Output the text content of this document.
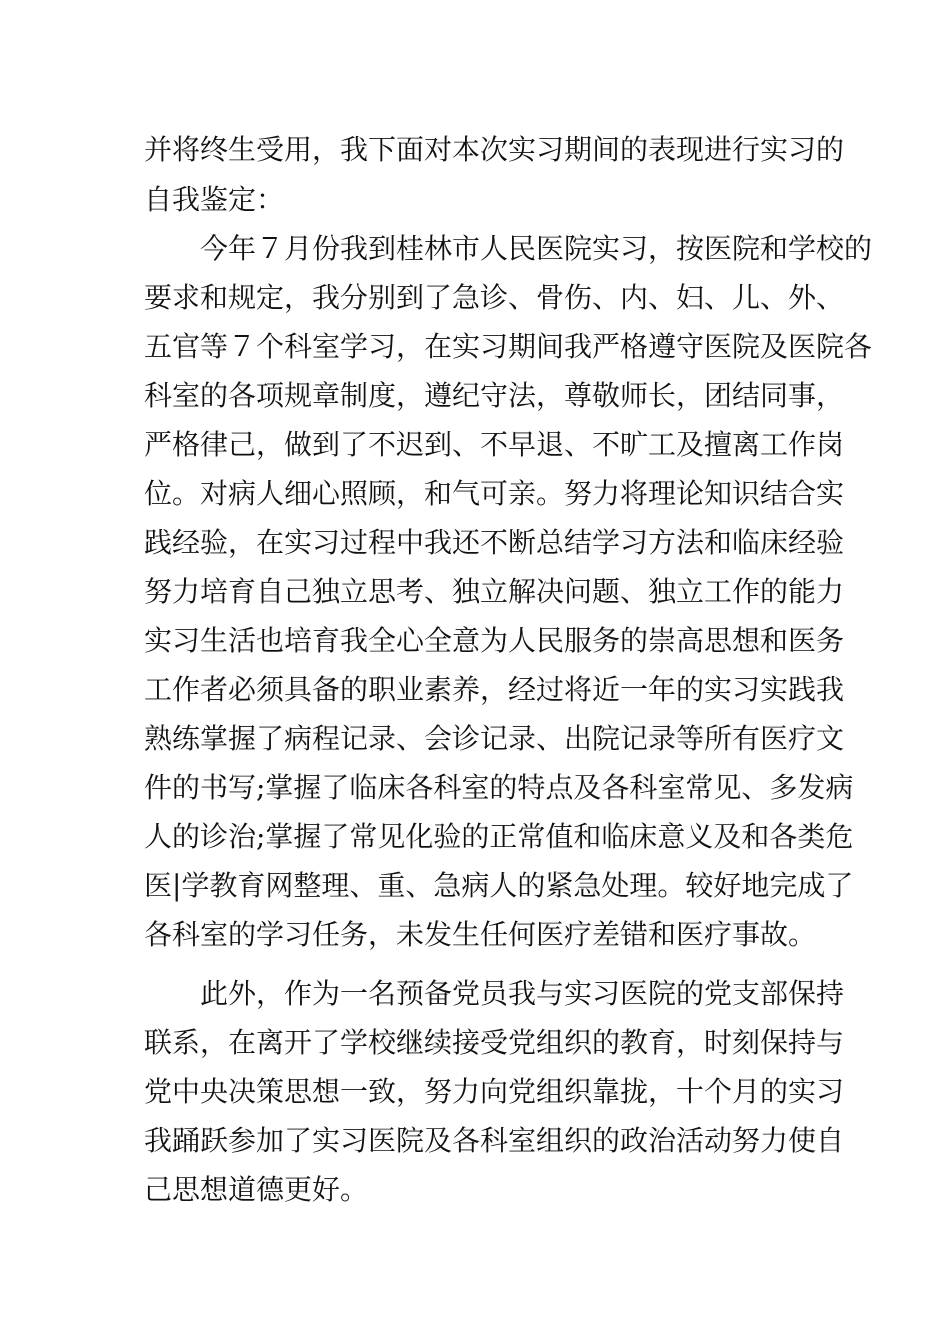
并将终生受用，我下面对本次实习期间的表现进行实习的
自我鉴定：
今年７月份我到桂林市人民医院实习，按医院和学校的
要求和规定，我分别到了急诊、骨伤、内、妇、儿、外、
五官等７个科室学习，在实习期间我严格遵守医院及医院各
科室的各项规章制度，遵纪守法，尊敬师长，团结同事，
严格律己，做到了不迟到、不早退、不旷工及擅离工作岗
位。对病人细心照顾，和气可亲。努力将理论知识结合实
践经验，在实习过程中我还不断总结学习方法和临床经验
努力培育自己独立思考、独立解决问题、独立工作的能力
实习生活也培育我全心全意为人民服务的崇高思想和医务
工作者必须具备的职业素养，经过将近一年的实习实践我
熟练掌握了病程记录、会诊记录、出院记录等所有医疗文
件的书写;掌握了临床各科室的特点及各科室常见、多发病
人的诊治;掌握了常见化验的正常值和临床意义及和各类危
医|学教育网整理、重、急病人的紧急处理。较好地完成了
各科室的学习任务，未发生任何医疗差错和医疗事故。
此外，作为一名预备党员我与实习医院的党支部保持
联系，在离开了学校继续接受党组织的教育，时刻保持与
党中央决策思想一致，努力向党组织靠拢，十个月的实习
我踊跃参加了实习医院及各科室组织的政治活动努力使自
己思想道德更好。
